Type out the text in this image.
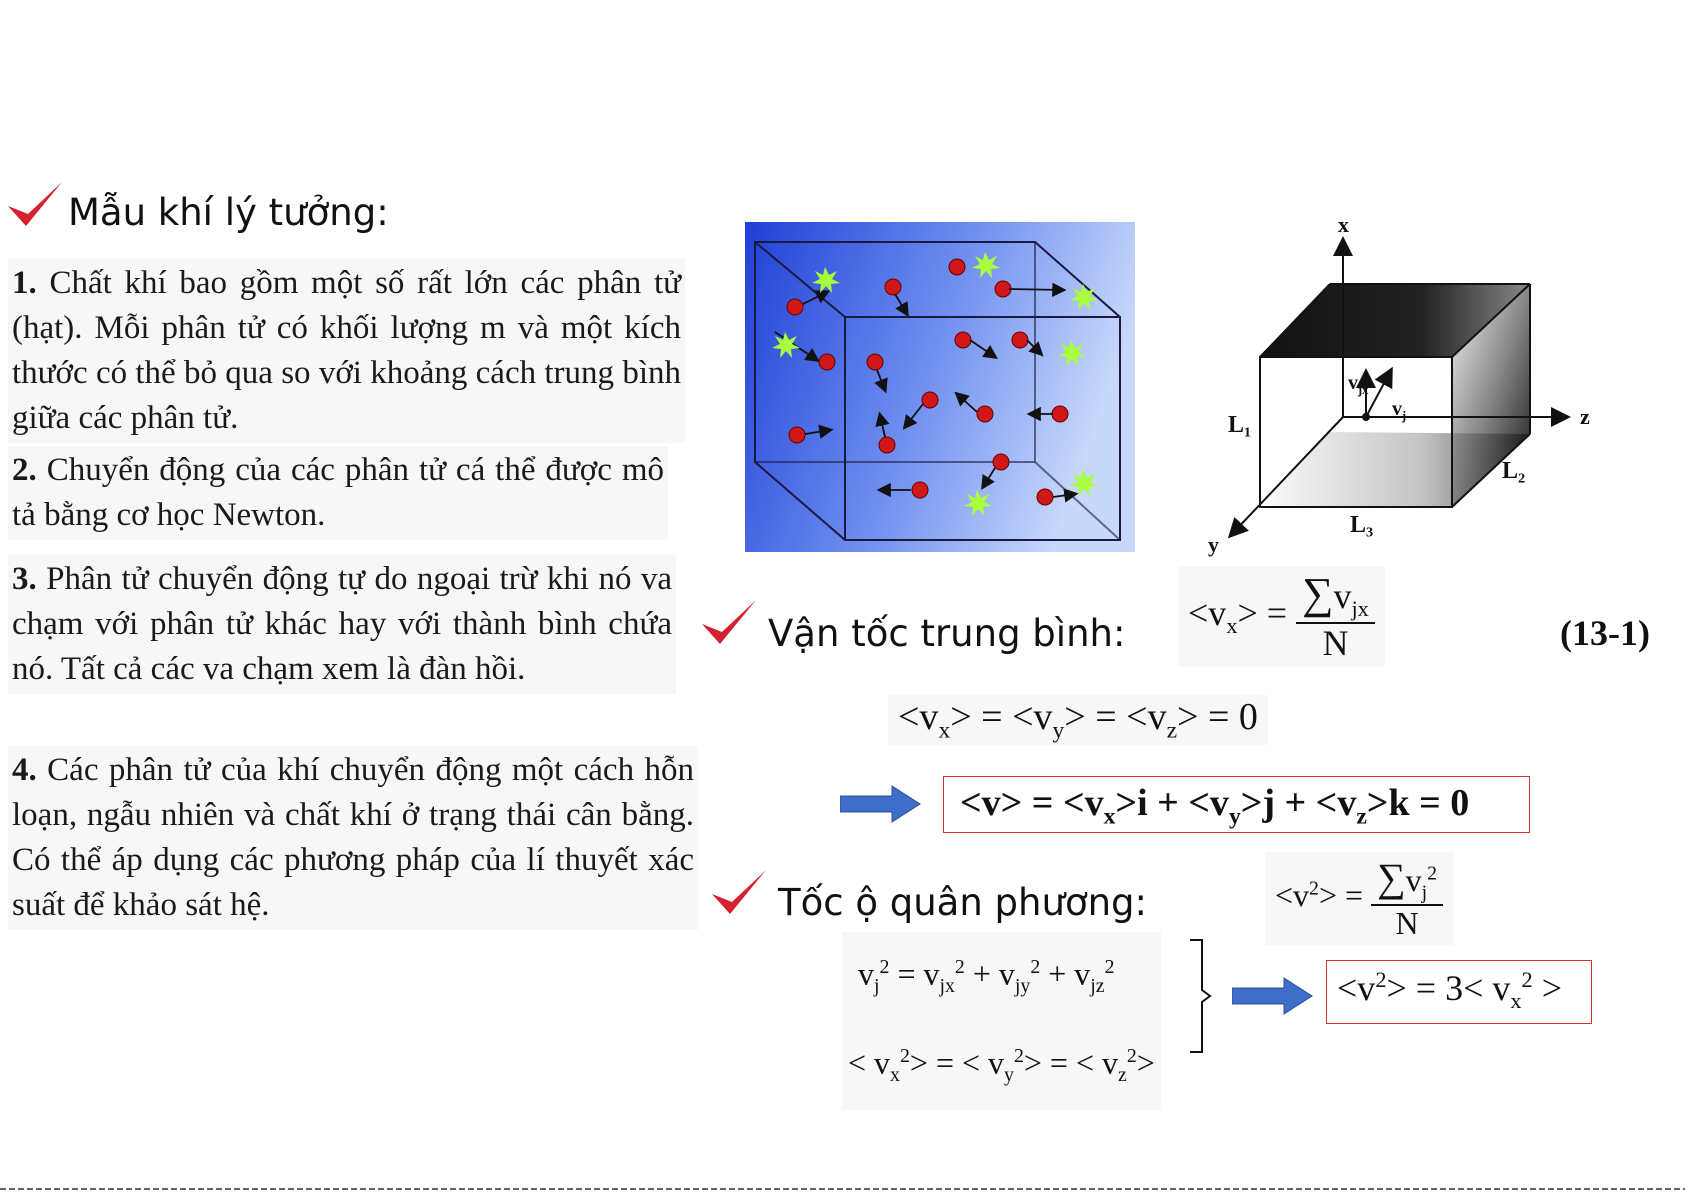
Mẫu khí lý tưởng:
1. Chất khí bao gồm một số rất lớn các phân tử (hạt). Mỗi phân tử có khối lượng m và một kích thước có thể bỏ qua so với khoảng cách trung bình giữa các phân tử.
2. Chuyển động của các phân tử cá thể được mô tả bằng cơ học Newton.
3. Phân tử chuyển động tự do ngoại trừ khi nó va chạm với phân tử khác hay với thành bình chứa nó. Tất cả các va chạm xem là đàn hồi.
4. Các phân tử của khí chuyển động một cách hỗn loạn, ngẫu nhiên và chất khí ở trạng thái cân bằng. Có thể áp dụng các phương pháp của lí thuyết xác suất để khảo sát hệ.
x
z
y
L₁
L₂
L₃
$v_{jx}$
$v_j$
Vận tốc trung bình: $<v_x> = \frac{\sum v_{jx}}{N}$	(13-1)
$<v_x> = <v_y> = <v_z> = 0$
$<v> = <v_x>i + <v_y>j + <v_z>k = 0$
Tốc ộ quân phương:	$<v^2> = \frac{\sum v_j^2}{N}$
$v_j^2 = v_{jx}^2 + v_{jy}^2 + v_{jz}^2$
< $v_x^2>$ = < $v_y^2>$ = < $v_z^2>$
$<v^2> = 3< v_x^2$ >
